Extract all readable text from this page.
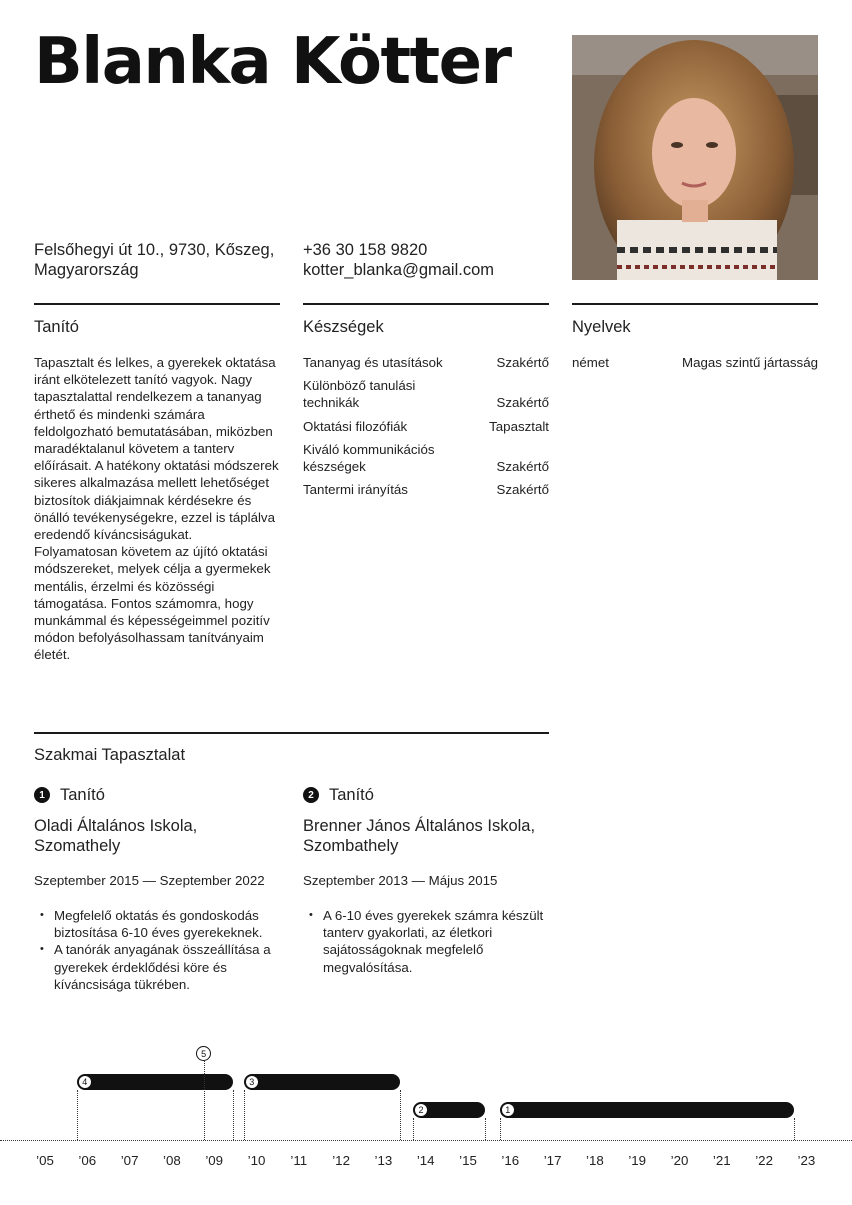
Blanka Kötter
Felsőhegyi út 10., 9730, Kőszeg,
Magyarország
+36 30 158 9820
kotter_blanka@gmail.com
Tanító	Készségek	Nyelvek
Tapasztalt és lelkes, a gyerekek oktatása iránt elkötelezett tanító vagyok. Nagy tapasztalattal rendelkezem a tananyag érthető és mindenki számára feldolgozható bemutatásában, miközben maradéktalanul követem a tanterv előírásait. A hatékony oktatási módszerek sikeres alkalmazása mellett lehetőséget biztosítok diákjaimnak kérdésekre és önálló tevékenységekre, ezzel is táplálva eredendő kíváncsiságukat. Folyamatosan követem az újító oktatási módszereket, melyek célja a gyermekek mentális, érzelmi és közösségi támogatása. Fontos számomra, hogy munkámmal és képességeimmel pozitív módon befolyásolhassam tanítványaim életét.
Tananyag és utasítások	Szakértő
Különböző tanulási technikák	Szakértő
Oktatási filozófiák	Tapasztalt
Kiváló kommunikációs készségek	Szakértő
Tantermi irányítás	Szakértő
német	Magas szintű jártasság
Szakmai Tapasztalat
1 Tanító
Oladi Általános Iskola,
Szomathely
Szeptember 2015 — Szeptember 2022
• Megfelelő oktatás és gondoskodás biztosítása 6-10 éves gyerekeknek.
• A tanórák anyagának összeállítása a gyerekek érdeklődési köre és kíváncsisága tükrében.
2 Tanító
Brenner János Általános Iskola,
Szombathely
Szeptember 2013 — Május 2015
• A 6-10 éves gyerekek számra készült tanterv gyakorlati, az életkori sajátosságoknak megfelelő megvalósítása.
’05 ’06 ’07 ’08 ’09 ’10 ’11 ’12 ’13 ’14 ’15 ’16 ’17 ’18 ’19 ’20 ’21 ’22 ’23
4	3
2	1
5
